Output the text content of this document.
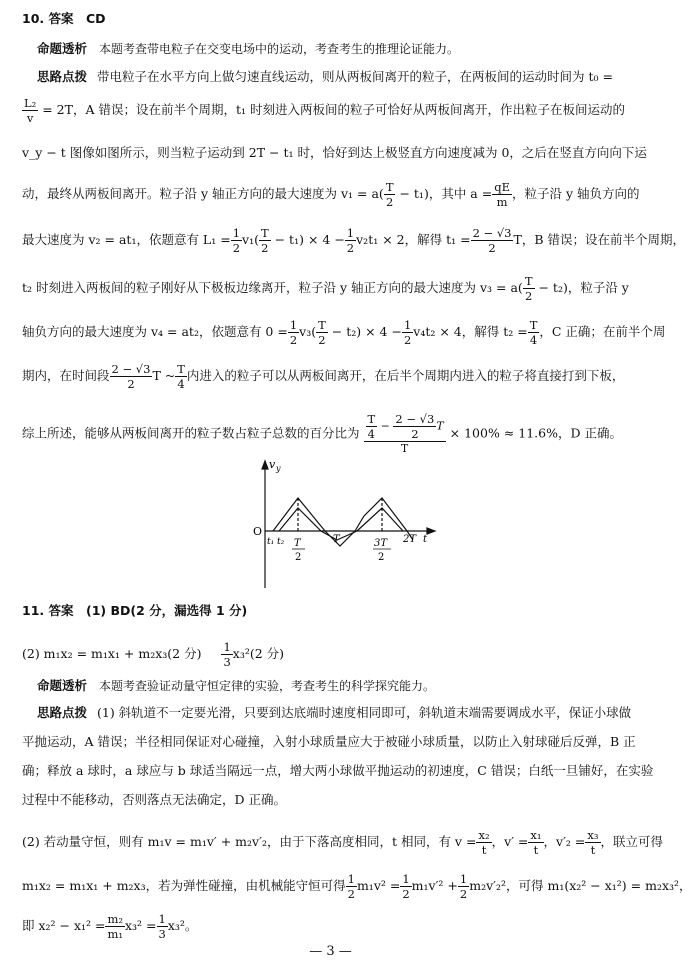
10. 答案　CD
命题透析 本题考查带电粒子在交变电场中的运动，考查考生的推理论证能力。
思路点拨 带电粒子在水平方向上做匀速直线运动，则从两板间离开的粒子，在两板间的运动时间为 t₀ =
$\frac{\text{L₂}}{v} = 2T$，A 错误；设在前半个周期，t₁ 时刻进入两板间的粒子可恰好从两板间离开，作出粒子在板间运动的
v_y − t 图像如图所示，则当粒子运动到 2T − t₁ 时，恰好到达上极竖直方向速度减为 0，之后在竖直方向向下运
动，最终从两板间离开。粒子沿 y 轴正方向的最大速度为 $v_1 = a( \frac{T}{2} - t_1)$，其中 $a = \frac{qE}{m}$ ，粒子沿 y 轴负方向的
最大速度为 v₂ = at₁，依题意有 $L_1 = \frac{1}{2} v_1( \frac{T}{2} - t_1) \times 4 - \frac{1}{2} v_2t_1 \times 2$，解得 $t_1 = \frac{2 - √3}{2}$ T，B 错误；设在前半个周期，
t₂ 时刻进入两板间的粒子刚好从下极板边缘离开，粒子沿 y 轴正方向的最大速度为 $v_3 = a( \frac{T}{2} - t_2)$，粒子沿 y
轴负方向的最大速度为 v₄ = at₂，依题意有 $0 = \frac{1}{2} v_3( \frac{T}{2} - t_2) \times 4 - \frac{1}{2} v_4t_2 \times 4$，解得 $t_2 = \frac{T}{4}$ ，C 正确；在前半个周
期内，在时间段 $\frac{2 - √3}{2}$ T ~ $\frac{T}{4}$ 内进入的粒子可以从两板间离开，在后半个周期内进入的粒子将直接打到下板，
综上所述，能够从两板间离开的粒子数占粒子总数的百分比为 $\frac{\frac{T}{4} - \frac{2 - √3}{2} T}{T} \times 100\% \approx 11.6\%$，D 正确。
v y
O
t₁ t₂ T
2
T	3T
2
2T t
11. 答案　(1) BD(2 分，漏选得 1 分)
(2) m₁x₂ = m₁x₁ + m₂x₃(2 分) $\frac{1}{3} x_3^2(2$ 分)
命题透析 本题考查验证动量守恒定律的实验，考查考生的科学探究能力。
思路点拨 (1) 斜轨道不一定要光滑，只要到达底端时速度相同即可，斜轨道末端需要调成水平，保证小球做
平抛运动，A 错误；半径相同保证对心碰撞，入射小球质量应大于被碰小球质量，以防止入射球碰后反弹，B 正
确；释放 a 球时，a 球应与 b 球适当隔远一点，增大两小球做平抛运动的初速度，C 错误；白纸一旦铺好，在实验
过程中不能移动，否则落点无法确定，D 正确。
(2) 若动量守恒，则有 m₁v = m₁v′ + m₂v′₂，由于下落高度相同，t 相同，有 $v = \frac{\text{x₂}}{t}$ ，$v' = \frac{\text{x₁}}{t}$ ，$v'_2 = \frac{\text{x₃}}{t}$ ，联立可得
m₁x₂ = m₁x₁ + m₂x₃，若为弹性碰撞，由机械能守恒可得 $\frac{1}{2} m_1v^2 = \frac{1}{2} m_1v'^2 + \frac{1}{2} m_2v'_2^2$，可得 m₁(x₂² − x₁²) = m₂x₃²，
即 $x_2^2 - x_1^2 = \frac{\text{m₂}}{\text{m₁}} x_3^2 = \frac{1}{3} x_3^2$。
— 3 —
